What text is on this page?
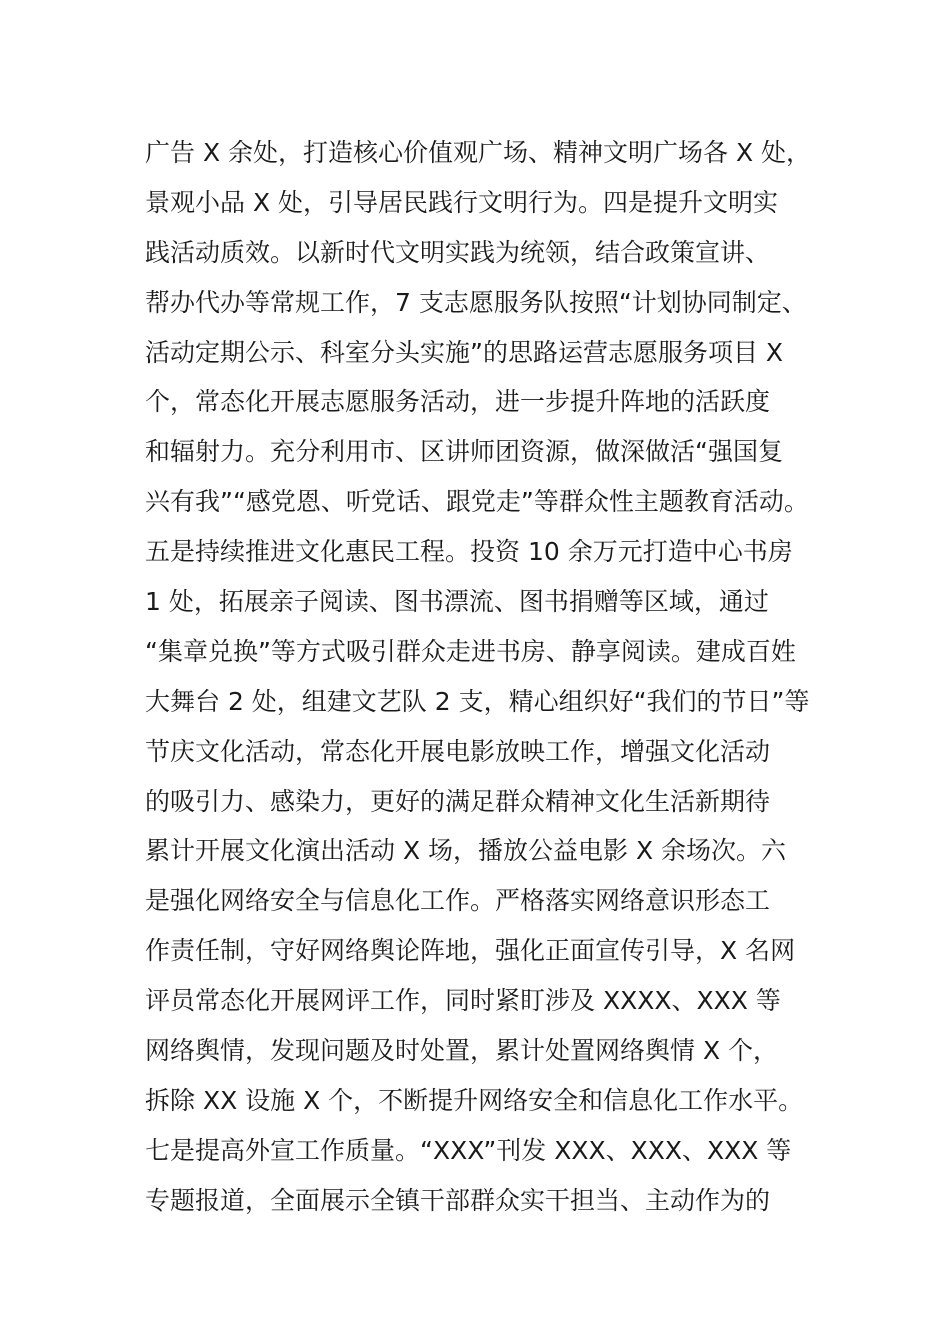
广告 X 余处，打造核心价值观广场、精神文明广场各 X 处，
景观小品 X 处，引导居民践行文明行为。四是提升文明实
践活动质效。以新时代文明实践为统领，结合政策宣讲、
帮办代办等常规工作，7 支志愿服务队按照“计划协同制定、
活动定期公示、科室分头实施”的思路运营志愿服务项目 X
个，常态化开展志愿服务活动，进一步提升阵地的活跃度
和辐射力。充分利用市、区讲师团资源，做深做活“强国复
兴有我”“感党恩、听党话、跟党走”等群众性主题教育活动。
五是持续推进文化惠民工程。投资 10 余万元打造中心书房
1 处，拓展亲子阅读、图书漂流、图书捐赠等区域，通过
“集章兑换”等方式吸引群众走进书房、静享阅读。建成百姓
大舞台 2 处，组建文艺队 2 支，精心组织好“我们的节日”等
节庆文化活动，常态化开展电影放映工作，增强文化活动
的吸引力、感染力，更好的满足群众精神文化生活新期待
累计开展文化演出活动 X 场，播放公益电影 X 余场次。六
是强化网络安全与信息化工作。严格落实网络意识形态工
作责任制，守好网络舆论阵地，强化正面宣传引导，X 名网
评员常态化开展网评工作，同时紧盯涉及 XXXX、XXX 等
网络舆情，发现问题及时处置，累计处置网络舆情 X 个，
拆除 XX 设施 X 个，不断提升网络安全和信息化工作水平。
七是提高外宣工作质量。“XXX”刊发 XXX、XXX、XXX 等
专题报道，全面展示全镇干部群众实干担当、主动作为的
